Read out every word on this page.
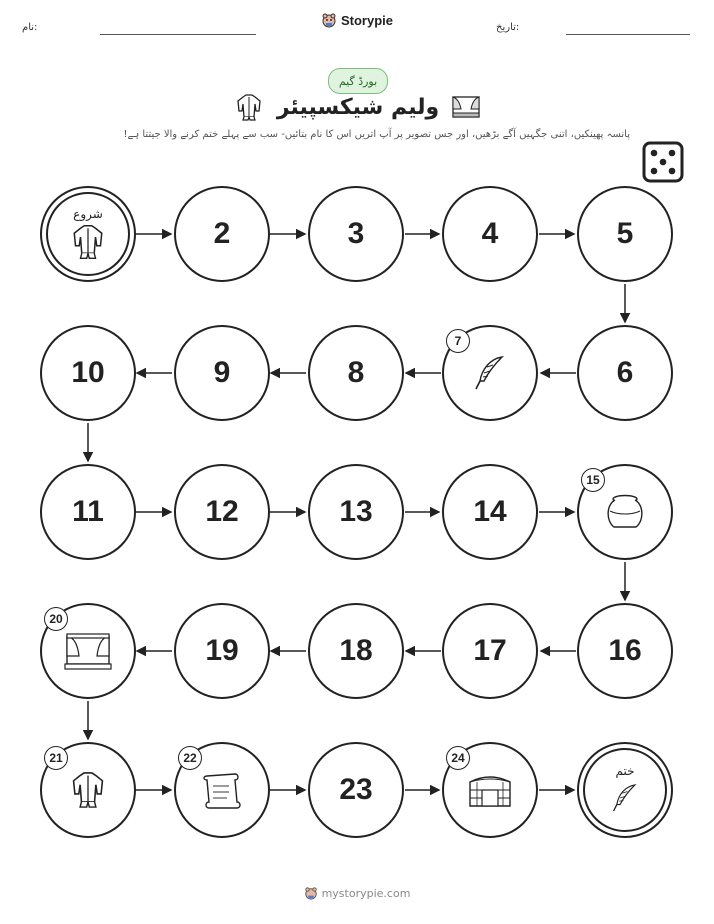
نام:	تاریخ:
Storypie
بورڈ گیم
ولیم شیکسپیئر
پانسہ پھینکیں، اتنی جگہیں آگے بڑھیں، اور جس تصویر پر آپ اتریں اس کا نام بتائیں- سب سے پہلے ختم کرنے والا جیتتا ہے!
شروع
2	3	4	5
10	9	8
7
6
11	12	13	14
15
20
19	18	17	16
21	22
23
24
ختم
mystorypie.com
